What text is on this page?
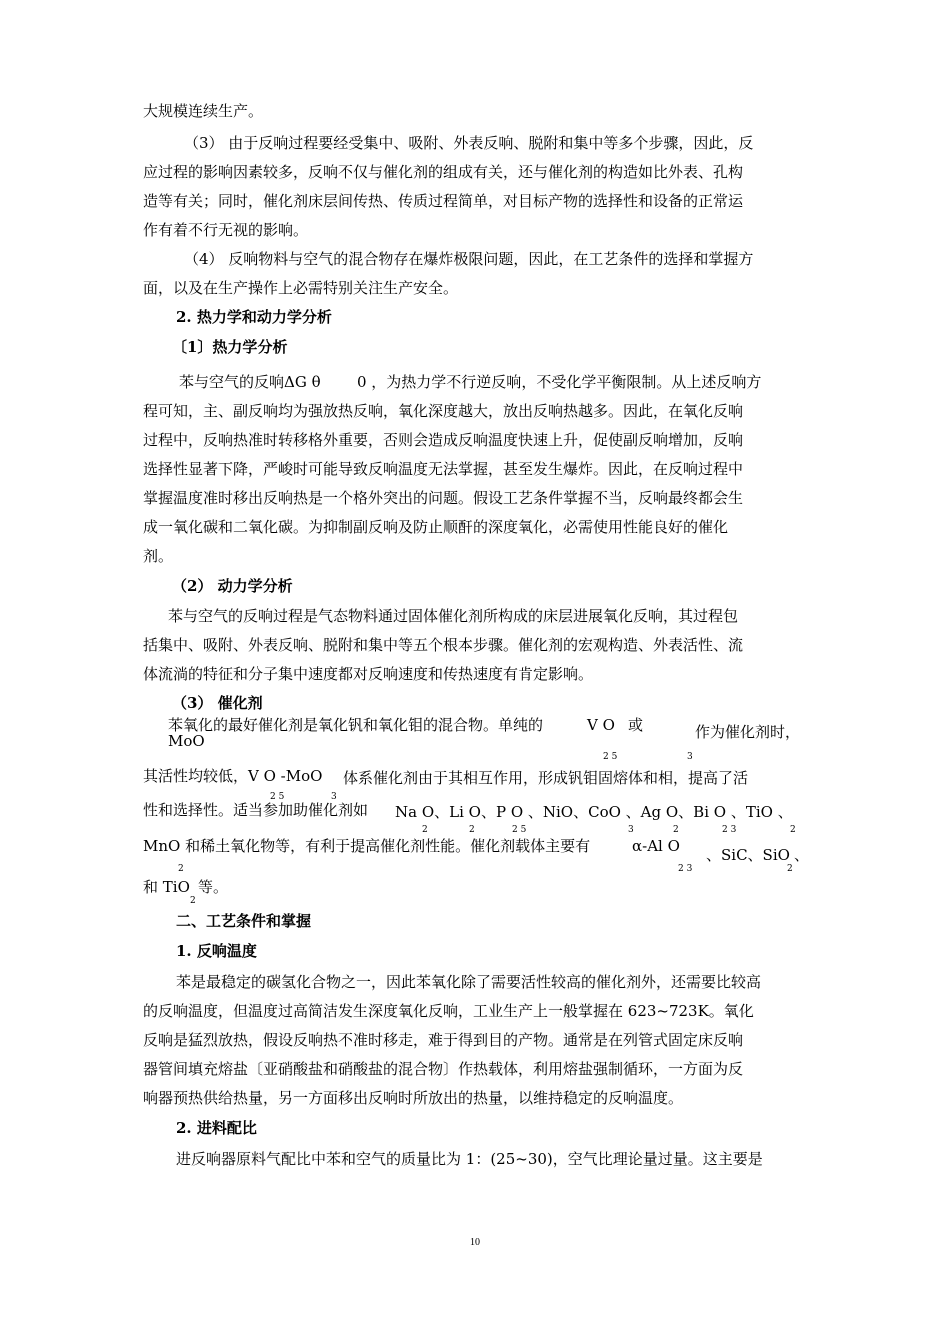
大规模连续生产。
（3） 由于反响过程要经受集中、吸附、外表反响、脱附和集中等多个步骤，因此，反
应过程的影响因素较多，反响不仅与催化剂的组成有关，还与催化剂的构造如比外表、孔构
造等有关；同时，催化剂床层间传热、传质过程简单，对目标产物的选择性和设备的正常运
作有着不行无视的影响。
（4） 反响物料与空气的混合物存在爆炸极限问题，因此，在工艺条件的选择和掌握方
面，以及在生产操作上必需特别关注生产安全。
2. 热力学和动力学分析
〔1〕热力学分析
苯与空气的反响ΔG θ 0 ，为热力学不行逆反响，不受化学平衡限制。从上述反响方
程可知，主、副反响均为强放热反响，氧化深度越大，放出反响热越多。因此，在氧化反响
过程中，反响热准时转移格外重要，否则会造成反响温度快速上升，促使副反响增加，反响
选择性显著下降，严峻时可能导致反响温度无法掌握，甚至发生爆炸。因此，在反响过程中
掌握温度准时移出反响热是一个格外突出的问题。假设工艺条件掌握不当，反响最终都会生
成一氧化碳和二氧化碳。为抑制副反响及防止顺酐的深度氧化，必需使用性能良好的催化
剂。
（2） 动力学分析
苯与空气的反响过程是气态物料通过固体催化剂所构成的床层进展氧化反响，其过程包
括集中、吸附、外表反响、脱附和集中等五个根本步骤。催化剂的宏观构造、外表活性、流
体流淌的特征和分子集中速度都对反响速度和传热速度有肯定影响。
（3） 催化剂
苯氧化的最好催化剂是氧化钒和氧化钼的混合物。单纯的	V O 或	作为催化剂时，
MoO
2 5	3
其活性均较低，V O -MoO 体系催化剂由于其相互作用，形成钒钼固熔体和相，提高了活
2 5	3
性和选择性。适当参加助催化剂如 Na O、Li O、P O 、NiO、CoO 、Ag O、Bi O 、TiO 、
2	2	2 5	3	2	2 3	2
MnO 和稀土氧化物等，有利于提高催化剂性能。催化剂载体主要有	α-Al O 、SiC、SiO 、
2	2 3	2
和 TiO
2
等。
二、工艺条件和掌握
1. 反响温度
苯是最稳定的碳氢化合物之一，因此苯氧化除了需要活性较高的催化剂外，还需要比较高
的反响温度，但温度过高简洁发生深度氧化反响，工业生产上一般掌握在 623~723K。氧化
反响是猛烈放热，假设反响热不准时移走，难于得到目的产物。通常是在列管式固定床反响
器管间填充熔盐〔亚硝酸盐和硝酸盐的混合物〕作热载体，利用熔盐强制循环，一方面为反
响器预热供给热量，另一方面移出反响时所放出的热量，以维持稳定的反响温度。
2. 进料配比
进反响器原料气配比中苯和空气的质量比为 1：(25~30)，空气比理论量过量。这主要是
10
